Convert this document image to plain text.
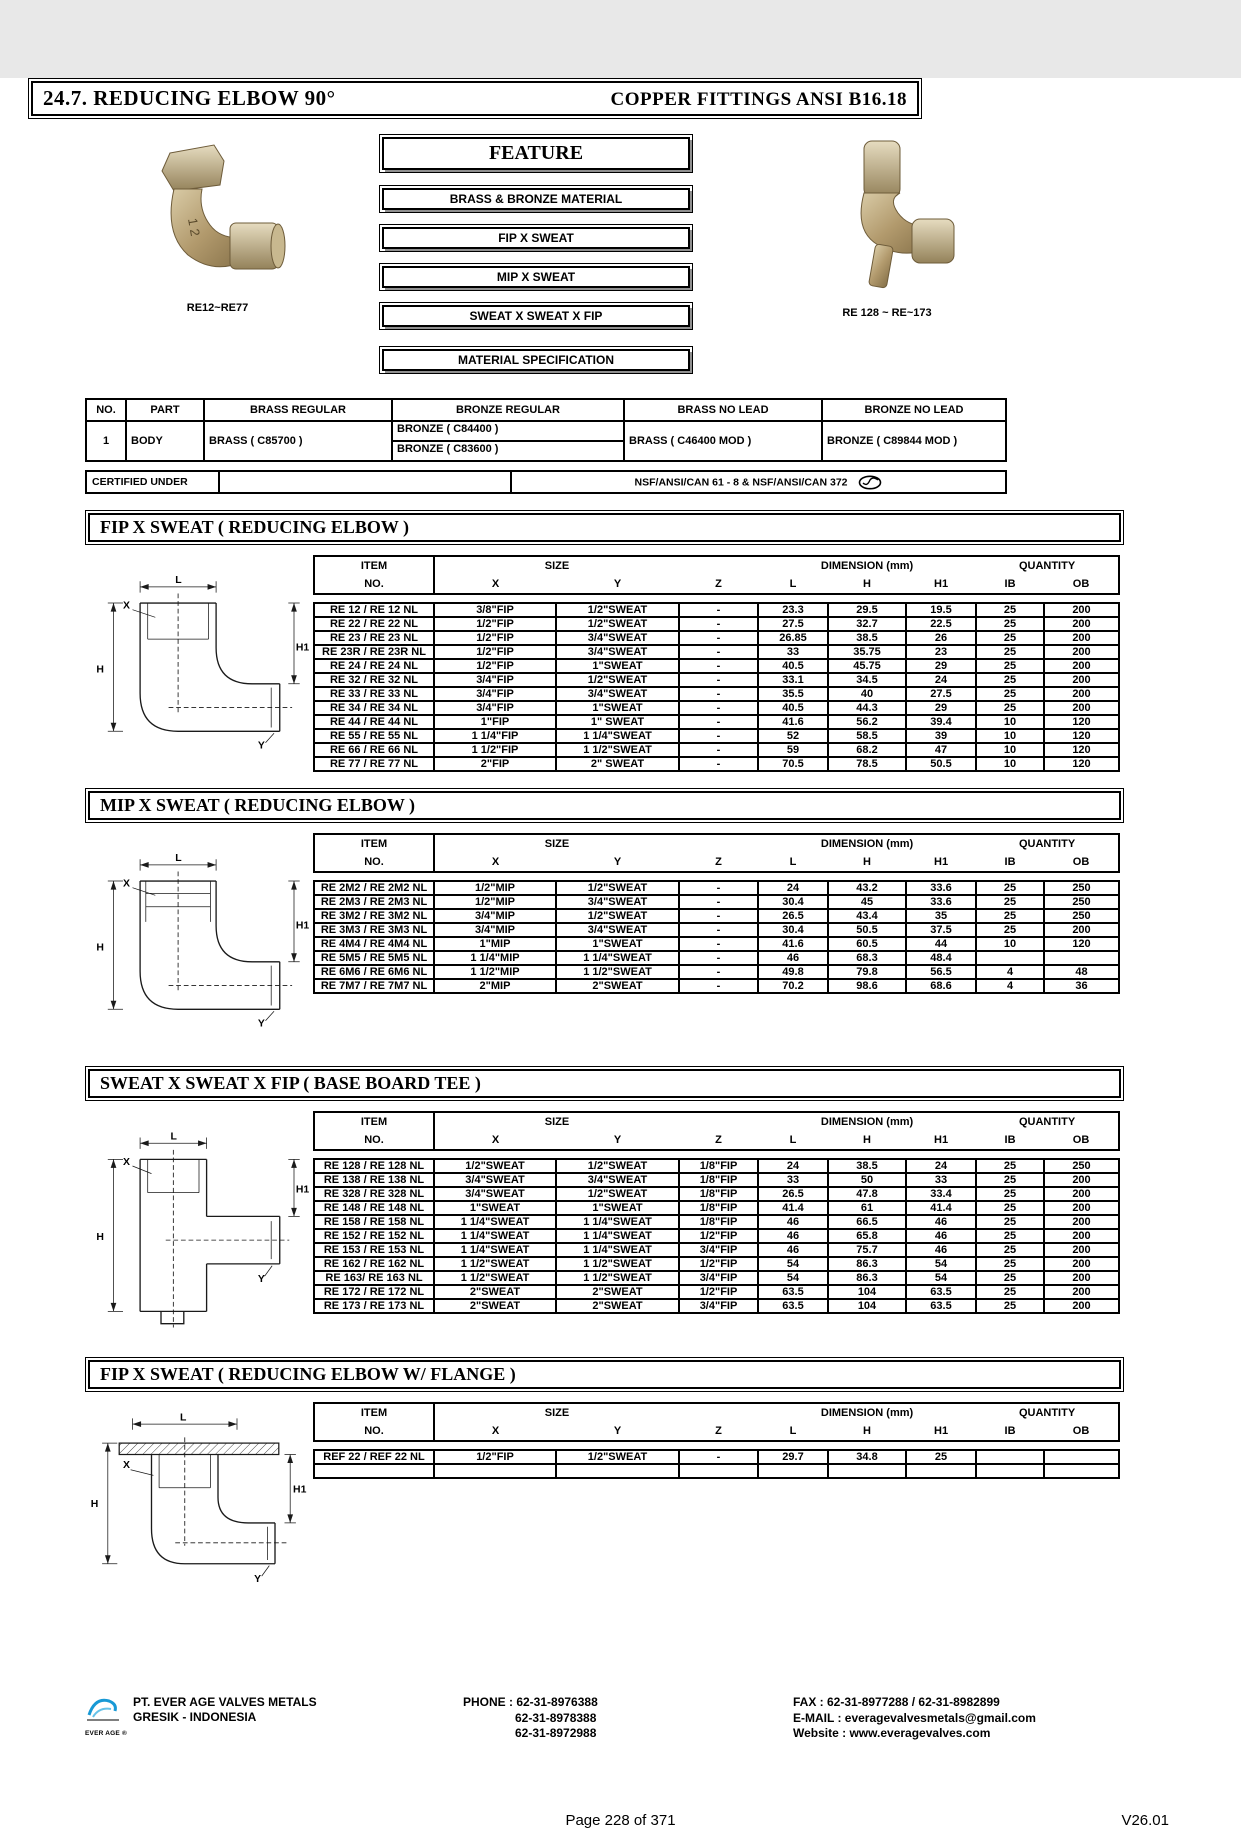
24.7. REDUCING ELBOW 90°	COPPER FITTINGS ANSI B16.18
1 2
RE12~RE77
FEATURE
BRASS & BRONZE MATERIAL
FIP X SWEAT
MIP X SWEAT
SWEAT X SWEAT X FIP
MATERIAL SPECIFICATION
RE 128 ~ RE~173
NO.	PART	BRASS REGULAR	BRONZE REGULAR	BRASS NO LEAD	BRONZE NO LEAD
1	BODY	BRASS ( C85700 )	BRONZE ( C84400 )
BRONZE ( C83600 )	BRASS ( C46400 MOD )	BRONZE ( C89844 MOD )
CERTIFIED UNDER		NSF/ANSI/CAN 61 - 8 & NSF/ANSI/CAN 372
FIP X SWEAT ( REDUCING ELBOW )
L
X
H
H1
Y
ITEM	SIZE			DIMENSION (mm)			QUANTITY	
NO.	X	Y	Z	L	H	H1	IB	OB
RE 12 / RE 12 NL	3/8"FIP	1/2"SWEAT	-	23.3	29.5	19.5	25	200
RE 22 / RE 22 NL	1/2"FIP	1/2"SWEAT	-	27.5	32.7	22.5	25	200
RE 23 / RE 23 NL	1/2"FIP	3/4"SWEAT	-	26.85	38.5	26	25	200
RE 23R / RE 23R NL	1/2"FIP	3/4"SWEAT	-	33	35.75	23	25	200
RE 24 / RE 24 NL	1/2"FIP	1"SWEAT	-	40.5	45.75	29	25	200
RE 32 / RE 32 NL	3/4"FIP	1/2"SWEAT	-	33.1	34.5	24	25	200
RE 33 / RE 33 NL	3/4"FIP	3/4"SWEAT	-	35.5	40	27.5	25	200
RE 34 / RE 34 NL	3/4"FIP	1"SWEAT	-	40.5	44.3	29	25	200
RE 44 / RE 44 NL	1"FIP	1" SWEAT	-	41.6	56.2	39.4	10	120
RE 55 / RE 55 NL	1 1/4"FIP	1 1/4"SWEAT	-	52	58.5	39	10	120
RE 66 / RE 66 NL	1 1/2"FIP	1 1/2"SWEAT	-	59	68.2	47	10	120
RE 77 / RE 77 NL	2"FIP	2" SWEAT	-	70.5	78.5	50.5	10	120
MIP X SWEAT ( REDUCING ELBOW )
L
X
H
H1
Y
ITEM	SIZE			DIMENSION (mm)			QUANTITY	
NO.	X	Y	Z	L	H	H1	IB	OB
RE 2M2 / RE 2M2 NL	1/2"MIP	1/2"SWEAT	-	24	43.2	33.6	25	250
RE 2M3 / RE 2M3 NL	1/2"MIP	3/4"SWEAT	-	30.4	45	33.6	25	250
RE 3M2 / RE 3M2 NL	3/4"MIP	1/2"SWEAT	-	26.5	43.4	35	25	250
RE 3M3 / RE 3M3 NL	3/4"MIP	3/4"SWEAT	-	30.4	50.5	37.5	25	200
RE 4M4 / RE 4M4 NL	1"MIP	1"SWEAT	-	41.6	60.5	44	10	120
RE 5M5 / RE 5M5 NL	1 1/4"MIP	1 1/4"SWEAT	-	46	68.3	48.4		
RE 6M6 / RE 6M6 NL	1 1/2"MIP	1 1/2"SWEAT	-	49.8	79.8	56.5	4	48
RE 7M7 / RE 7M7 NL	2"MIP	2"SWEAT	-	70.2	98.6	68.6	4	36
SWEAT X SWEAT X FIP ( BASE BOARD TEE )
L
X
H
H1
Y
ITEM	SIZE			DIMENSION (mm)			QUANTITY	
NO.	X	Y	Z	L	H	H1	IB	OB
RE 128 / RE 128 NL	1/2"SWEAT	1/2"SWEAT	1/8"FIP	24	38.5	24	25	250
RE 138 / RE 138 NL	3/4"SWEAT	3/4"SWEAT	1/8"FIP	33	50	33	25	200
RE 328 / RE 328 NL	3/4"SWEAT	1/2"SWEAT	1/8"FIP	26.5	47.8	33.4	25	200
RE 148 / RE 148 NL	1"SWEAT	1"SWEAT	1/8"FIP	41.4	61	41.4	25	200
RE 158 / RE 158 NL	1 1/4"SWEAT	1 1/4"SWEAT	1/8"FIP	46	66.5	46	25	200
RE 152 / RE 152 NL	1 1/4"SWEAT	1 1/4"SWEAT	1/2"FIP	46	65.8	46	25	200
RE 153 / RE 153 NL	1 1/4"SWEAT	1 1/4"SWEAT	3/4"FIP	46	75.7	46	25	200
RE 162 / RE 162 NL	1 1/2"SWEAT	1 1/2"SWEAT	1/2"FIP	54	86.3	54	25	200
RE 163/ RE 163 NL	1 1/2"SWEAT	1 1/2"SWEAT	3/4"FIP	54	86.3	54	25	200
RE 172 / RE 172 NL	2"SWEAT	2"SWEAT	1/2"FIP	63.5	104	63.5	25	200
RE 173 / RE 173 NL	2"SWEAT	2"SWEAT	3/4"FIP	63.5	104	63.5	25	200
FIP X SWEAT ( REDUCING ELBOW W/ FLANGE )
L
X
H
H1
Y
ITEM	SIZE			DIMENSION (mm)			QUANTITY	
NO.	X	Y	Z	L	H	H1	IB	OB
REF 22 / REF 22 NL	1/2"FIP	1/2"SWEAT	-	29.7	34.8	25		

EVER AGE ®
PT. EVER AGE VALVES METALS
GRESIK - INDONESIA
PHONE : 62-31-8976388
62-31-8978388
62-31-8972988
FAX : 62-31-8977288 / 62-31-8982899
E-MAIL : everagevalvesmetals@gmail.com
Website : www.everagevalves.com
Page 228 of 371	V26.01
